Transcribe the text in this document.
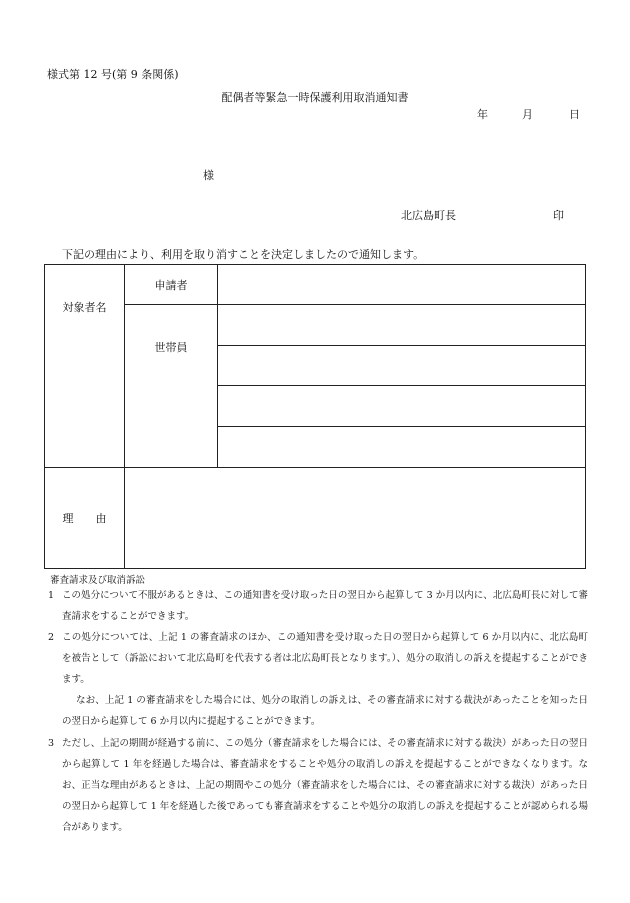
様式第 12 号(第 9 条関係)
配偶者等緊急一時保護利用取消通知書
年	月	日
様
北広島町長	印
下記の理由により、利用を取り消すことを決定しましたので通知します。
対象者名	申請者	

	世帯員	

理　　由		
審査請求及び取消訴訟
1 この処分について不服があるときは、この通知書を受け取った日の翌日から起算して 3 か月以内に、北広島町長に対して審査請求をすることができます。
2 この処分については、上記 1 の審査請求のほか、この通知書を受け取った日の翌日から起算して 6 か月以内に、北広島町を被告として（訴訟において北広島町を代表する者は北広島町長となります。）、処分の取消しの訴えを提起することができます。
なお、上記 1 の審査請求をした場合には、処分の取消しの訴えは、その審査請求に対する裁決があったことを知った日の翌日から起算して 6 か月以内に提起することができます。
3 ただし、上記の期間が経過する前に、この処分（審査請求をした場合には、その審査請求に対する裁決）があった日の翌日から起算して 1 年を経過した場合は、審査請求をすることや処分の取消しの訴えを提起することができなくなります。なお、正当な理由があるときは、上記の期間やこの処分（審査請求をした場合には、その審査請求に対する裁決）があった日の翌日から起算して 1 年を経過した後であっても審査請求をすることや処分の取消しの訴えを提起することが認められる場合があります。
